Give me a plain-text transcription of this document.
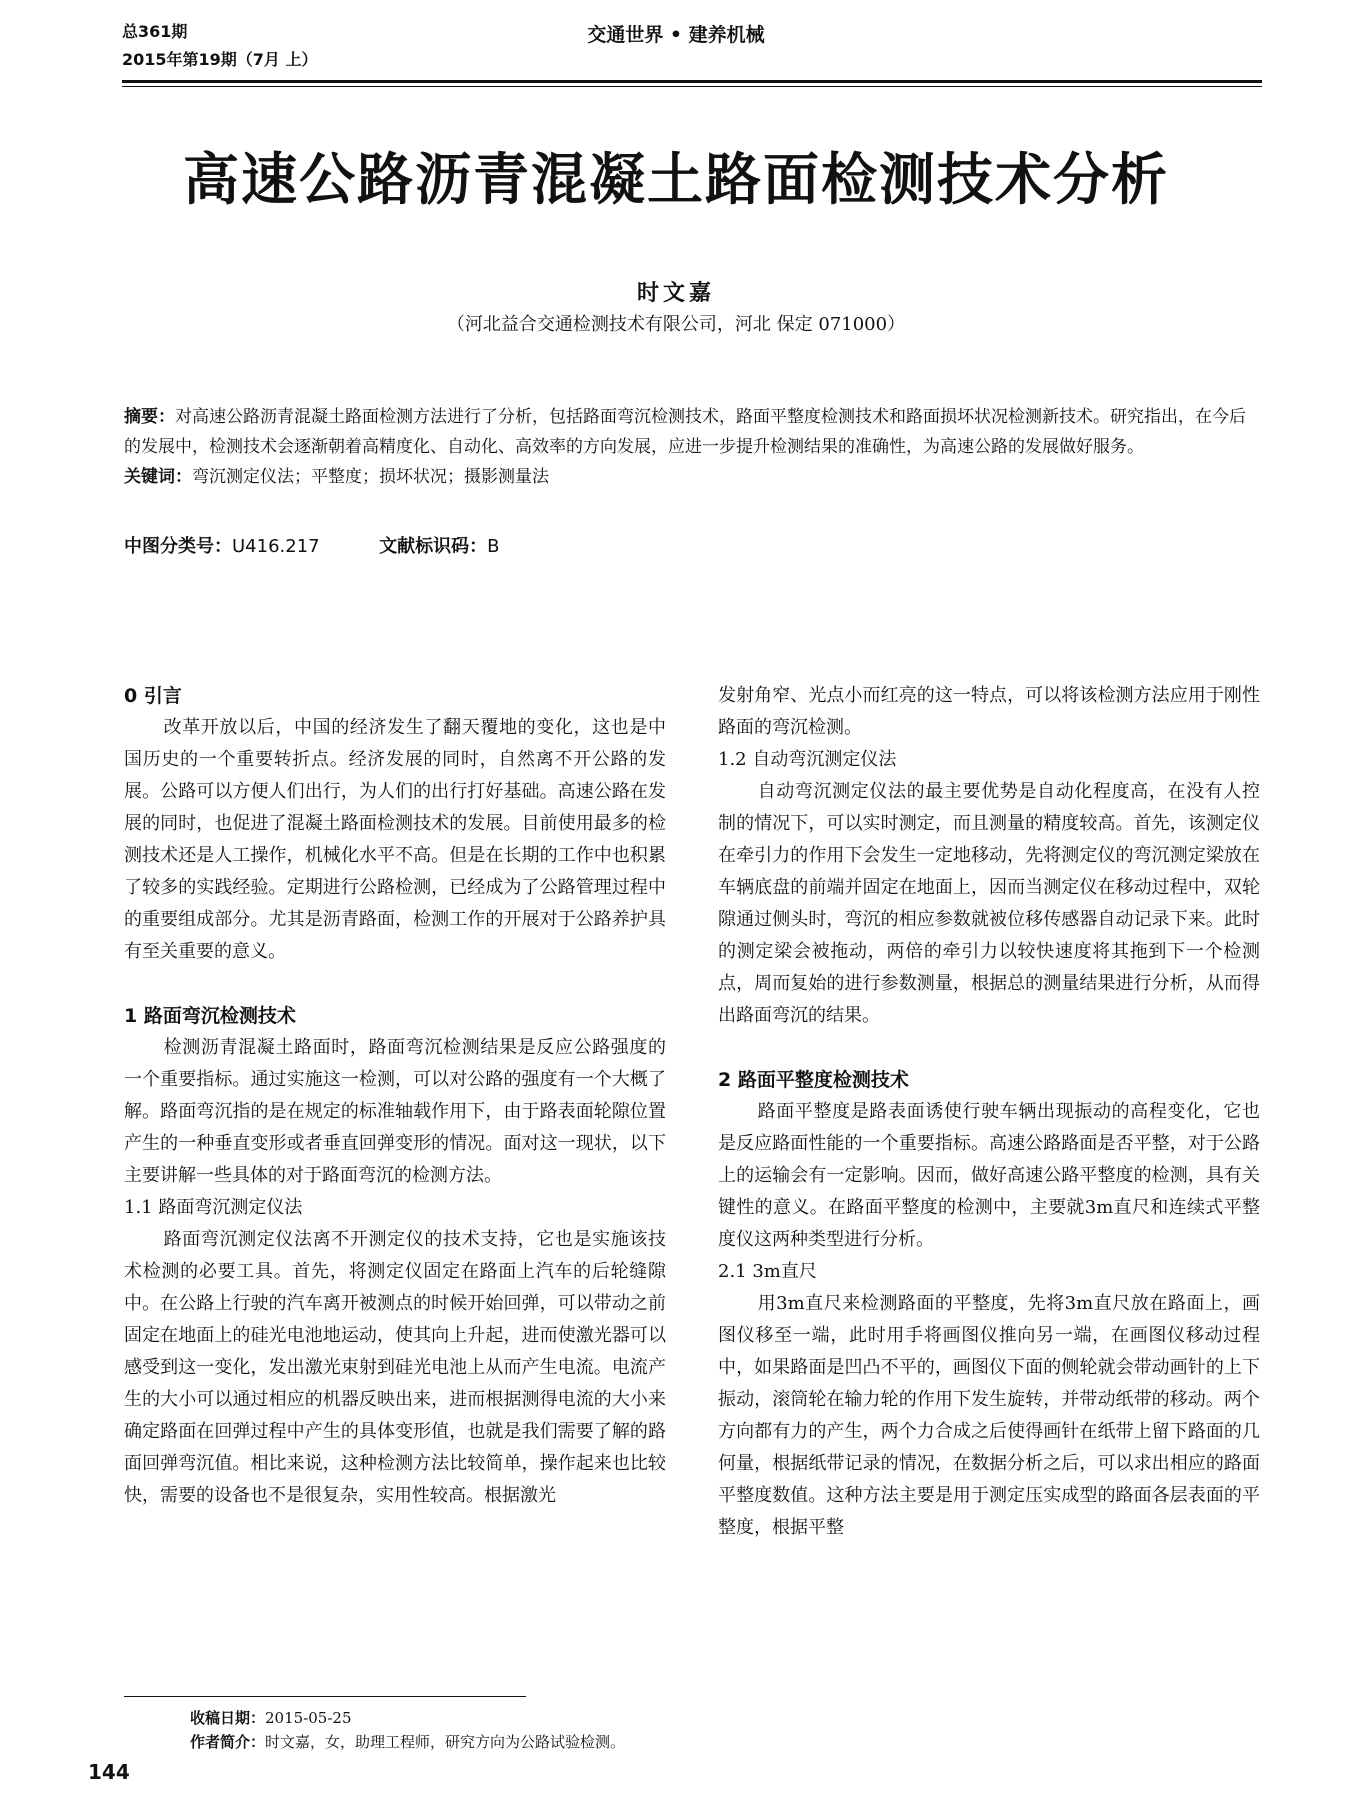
总361期
2015年第19期（7月 上）
交通世界 • 建养机械
高速公路沥青混凝土路面检测技术分析
时文嘉
（河北益合交通检测技术有限公司，河北 保定 071000）

摘要：对高速公路沥青混凝土路面检测方法进行了分析，包括路面弯沉检测技术，路面平整度检测技术和路面损坏状况检测新技术。研究指出，在今后的发展中，检测技术会逐渐朝着高精度化、自动化、高效率的方向发展，应进一步提升检测结果的准确性，为高速公路的发展做好服务。

关键词：弯沉测定仪法；平整度；损坏状况；摄影测量法

中图分类号：U416.217	文献标识码：B
0 引言

改革开放以后，中国的经济发生了翻天覆地的变化，这也是中国历史的一个重要转折点。经济发展的同时，自然离不开公路的发展。公路可以方便人们出行，为人们的出行打好基础。高速公路在发展的同时，也促进了混凝土路面检测技术的发展。目前使用最多的检测技术还是人工操作，机械化水平不高。但是在长期的工作中也积累了较多的实践经验。定期进行公路检测，已经成为了公路管理过程中的重要组成部分。尤其是沥青路面，检测工作的开展对于公路养护具有至关重要的意义。

1 路面弯沉检测技术

检测沥青混凝土路面时，路面弯沉检测结果是反应公路强度的一个重要指标。通过实施这一检测，可以对公路的强度有一个大概了解。路面弯沉指的是在规定的标准轴载作用下，由于路表面轮隙位置产生的一种垂直变形或者垂直回弹变形的情况。面对这一现状，以下主要讲解一些具体的对于路面弯沉的检测方法。

1.1 路面弯沉测定仪法

路面弯沉测定仪法离不开测定仪的技术支持，它也是实施该技术检测的必要工具。首先，将测定仪固定在路面上汽车的后轮缝隙中。在公路上行驶的汽车离开被测点的时候开始回弹，可以带动之前固定在地面上的硅光电池地运动，使其向上升起，进而使激光器可以感受到这一变化，发出激光束射到硅光电池上从而产生电流。电流产生的大小可以通过相应的机器反映出来，进而根据测得电流的大小来确定路面在回弹过程中产生的具体变形值，也就是我们需要了解的路面回弹弯沉值。相比来说，这种检测方法比较简单，操作起来也比较快，需要的设备也不是很复杂，实用性较高。根据激光

发射角窄、光点小而红亮的这一特点，可以将该检测方法应用于刚性路面的弯沉检测。

1.2 自动弯沉测定仪法

自动弯沉测定仪法的最主要优势是自动化程度高，在没有人控制的情况下，可以实时测定，而且测量的精度较高。首先，该测定仪在牵引力的作用下会发生一定地移动，先将测定仪的弯沉测定梁放在车辆底盘的前端并固定在地面上，因而当测定仪在移动过程中，双轮隙通过侧头时，弯沉的相应参数就被位移传感器自动记录下来。此时的测定梁会被拖动，两倍的牵引力以较快速度将其拖到下一个检测点，周而复始的进行参数测量，根据总的测量结果进行分析，从而得出路面弯沉的结果。

2 路面平整度检测技术

路面平整度是路表面诱使行驶车辆出现振动的高程变化，它也是反应路面性能的一个重要指标。高速公路路面是否平整，对于公路上的运输会有一定影响。因而，做好高速公路平整度的检测，具有关键性的意义。在路面平整度的检测中，主要就3m直尺和连续式平整度仪这两种类型进行分析。

2.1 3m直尺

用3m直尺来检测路面的平整度，先将3m直尺放在路面上，画图仪移至一端，此时用手将画图仪推向另一端，在画图仪移动过程中，如果路面是凹凸不平的，画图仪下面的侧轮就会带动画针的上下振动，滚筒轮在输力轮的作用下发生旋转，并带动纸带的移动。两个方向都有力的产生，两个力合成之后使得画针在纸带上留下路面的几何量，根据纸带记录的情况，在数据分析之后，可以求出相应的路面平整度数值。这种方法主要是用于测定压实成型的路面各层表面的平整度，根据平整

收稿日期：2015-05-25
作者简介：时文嘉，女，助理工程师，研究方向为公路试验检测。
144
